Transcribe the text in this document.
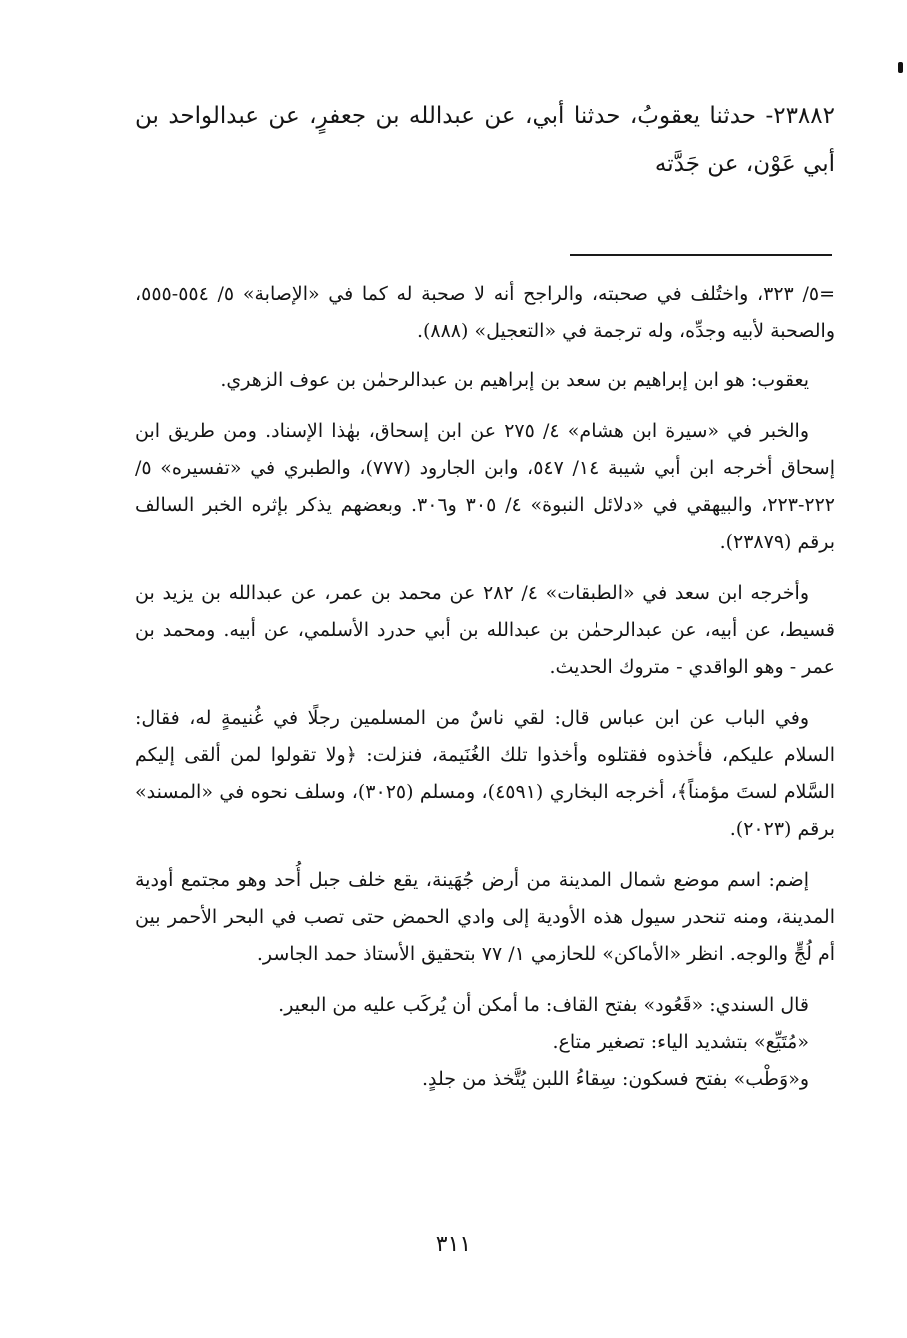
٢٣٨٨٢- حدثنا يعقوبُ، حدثنا أبي، عن عبدالله بن جعفرٍ، عن عبدالواحد بن أبي عَوْن، عن جَدَّته

=٥/ ٣٢٣، واختُلف في صحبته، والراجح أنه لا صحبة له كما في «الإصابة» ٥/ ٥٥٤-٥٥٥، والصحبة لأبيه وجدِّه، وله ترجمة في «التعجيل» (٨٨٨).

يعقوب: هو ابن إبراهيم بن سعد بن إبراهيم بن عبدالرحمٰن بن عوف الزهري.

والخبر في «سيرة ابن هشام» ٤/ ٢٧٥ عن ابن إسحاق، بهٰذا الإسناد. ومن طريق ابن إسحاق أخرجه ابن أبي شيبة ١٤/ ٥٤٧، وابن الجارود (٧٧٧)، والطبري في «تفسيره» ٥/ ٢٢٢-٢٢٣، والبيهقي في «دلائل النبوة» ٤/ ٣٠٥ و٣٠٦. وبعضهم يذكر بإثره الخبر السالف برقم (٢٣٨٧٩).

وأخرجه ابن سعد في «الطبقات» ٤/ ٢٨٢ عن محمد بن عمر، عن عبدالله بن يزيد بن قسيط، عن أبيه، عن عبدالرحمٰن بن عبدالله بن أبي حدرد الأسلمي، عن أبيه. ومحمد بن عمر - وهو الواقدي - متروك الحديث.

وفي الباب عن ابن عباس قال: لقي ناسٌ من المسلمين رجلًا في غُنيمةٍ له، فقال: السلام عليكم، فأخذوه فقتلوه وأخذوا تلك الغُنَيمة، فنزلت: ﴿ولا تقولوا لمن ألقى إليكم السَّلام لستَ مؤمناً﴾، أخرجه البخاري (٤٥٩١)، ومسلم (٣٠٢٥)، وسلف نحوه في «المسند» برقم (٢٠٢٣).

إضم: اسم موضع شمال المدينة من أرض جُهَينة، يقع خلف جبل أُحد وهو مجتمع أودية المدينة، ومنه تنحدر سيول هذه الأودية إلى وادي الحمض حتى تصب في البحر الأحمر بين أم لُجٍّ والوجه. انظر «الأماكن» للحازمي ١/ ٧٧ بتحقيق الأستاذ حمد الجاسر.

قال السندي: «قَعُود» بفتح القاف: ما أمكن أن يُركَب عليه من البعير.

«مُتَيِّع» بتشديد الياء: تصغير متاع.

و«وَطْب» بفتح فسكون: سِقاءُ اللبن يُتَّخذ من جلدٍ.

٣١١
